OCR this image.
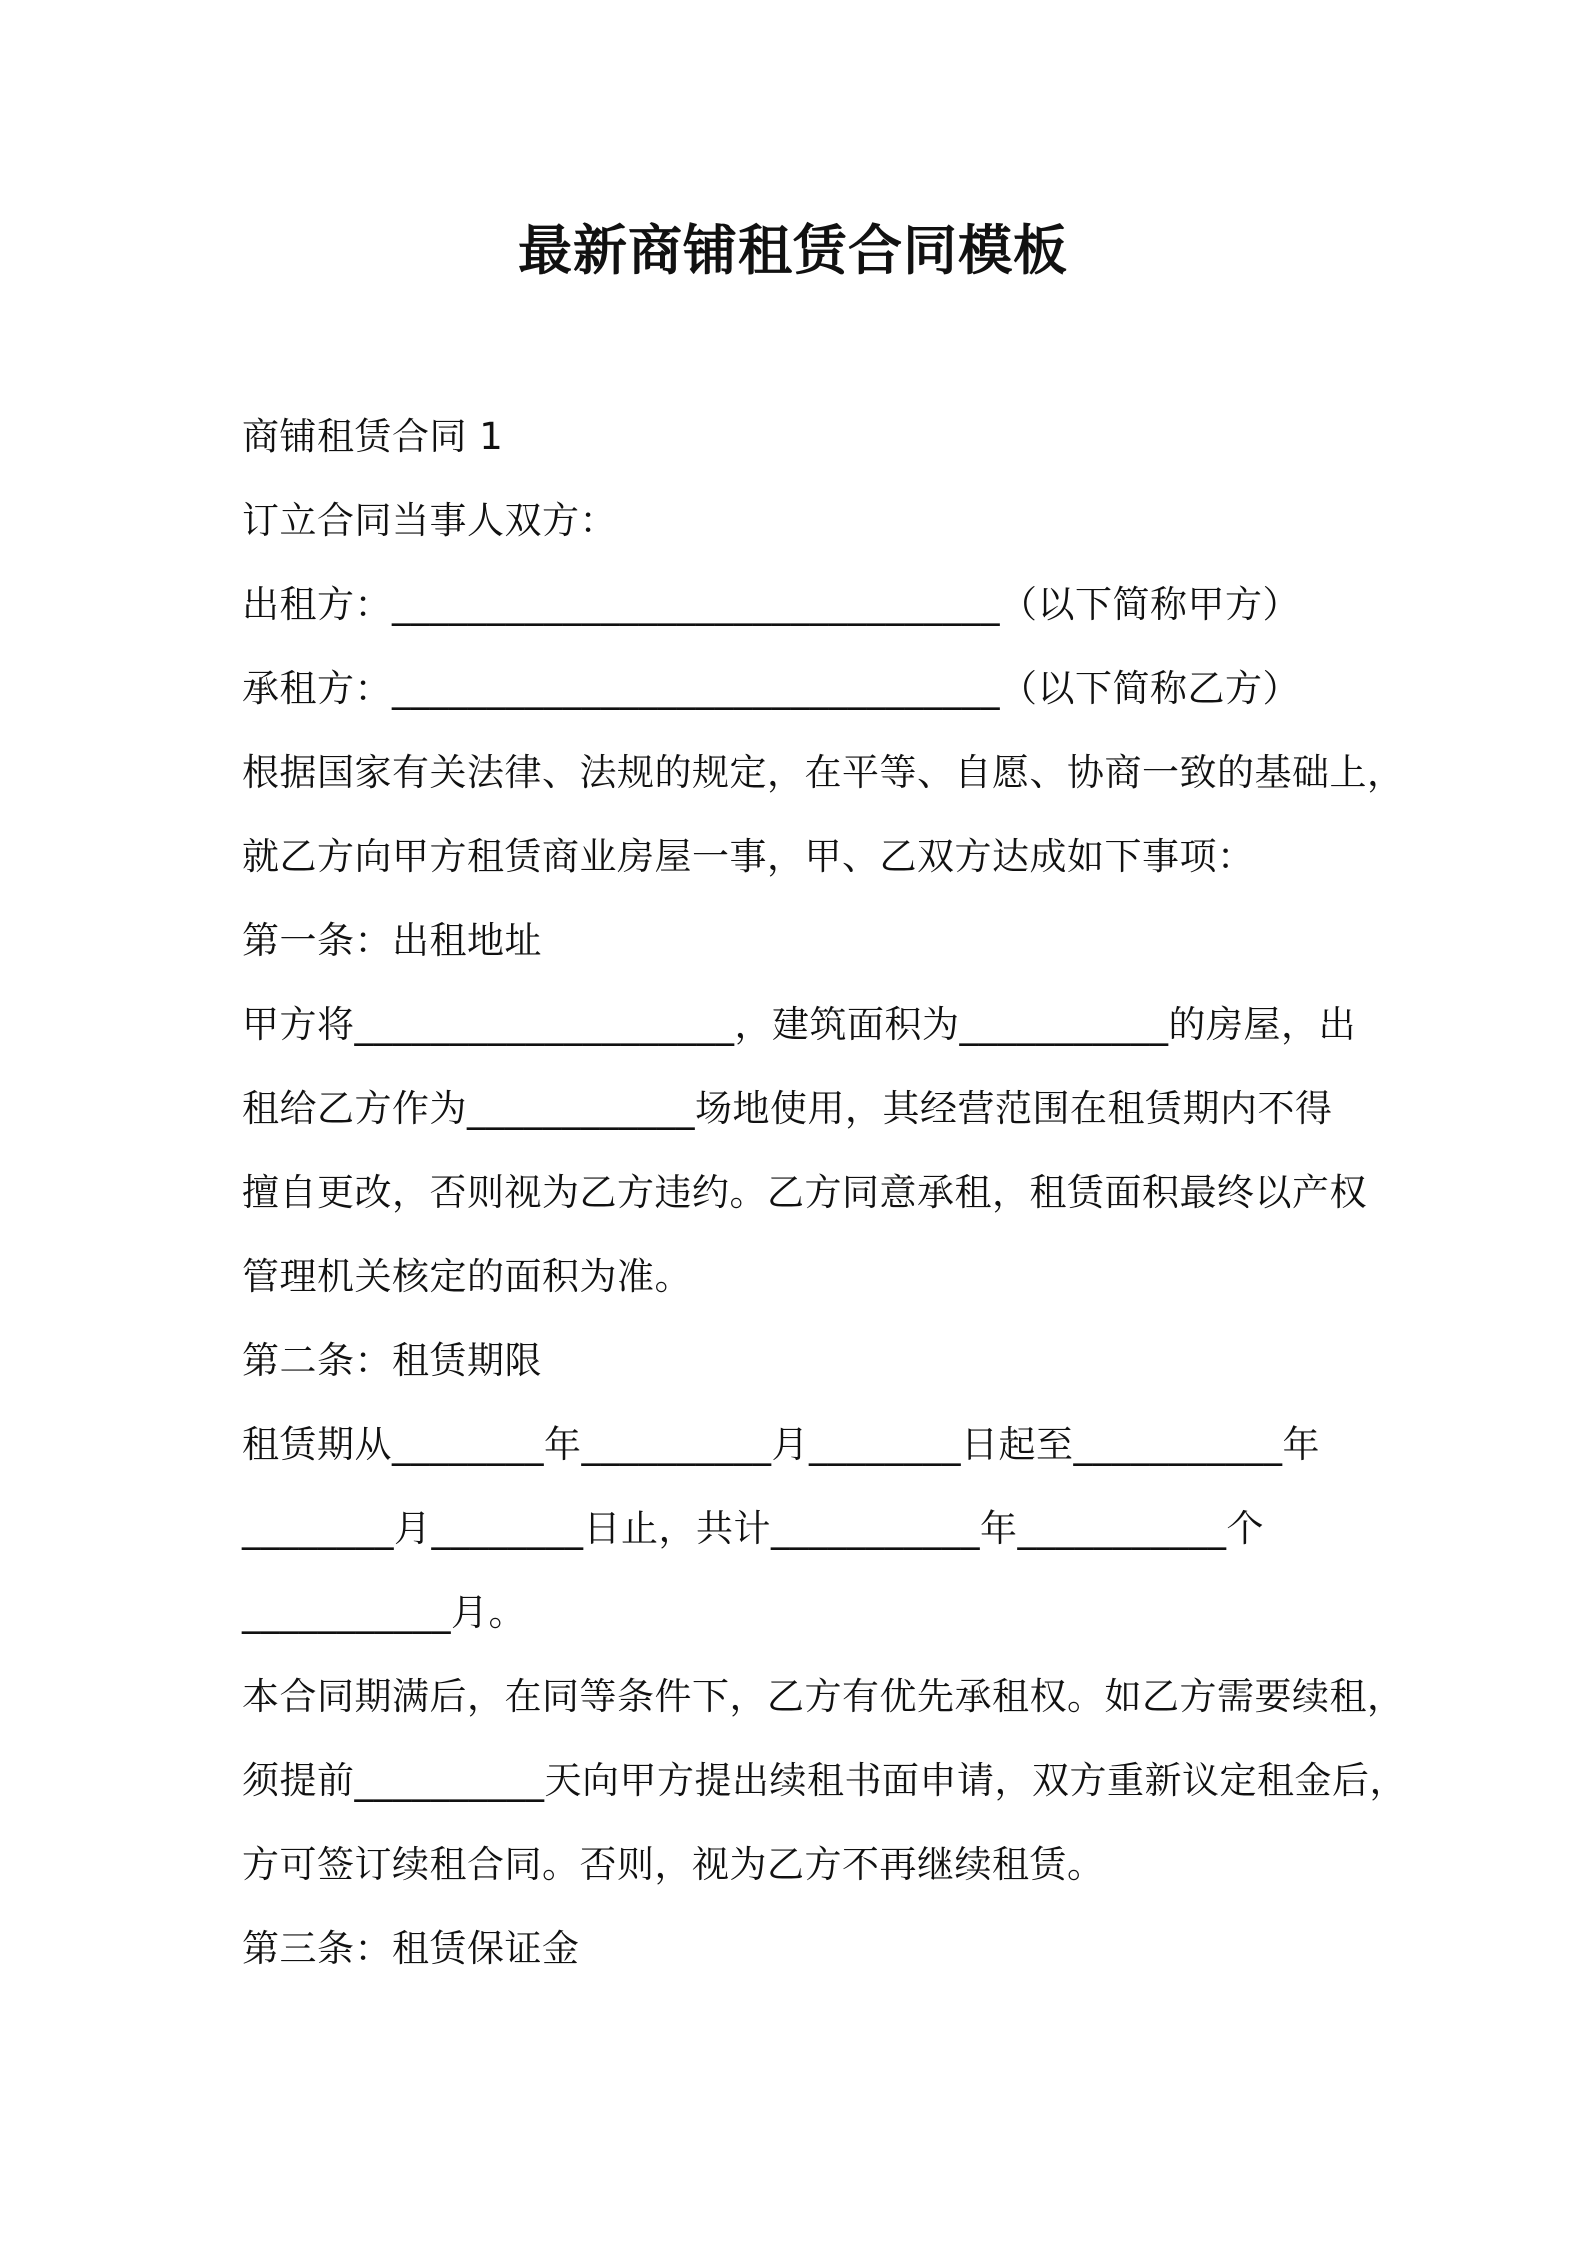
最新商铺租赁合同模板
商铺租赁合同 1
订立合同当事人双方：
出租方：________________________________（以下简称甲方）
承租方：________________________________（以下简称乙方）
根据国家有关法律、法规的规定，在平等、自愿、协商一致的基础上，
就乙方向甲方租赁商业房屋一事，甲、乙双方达成如下事项：
第一条：出租地址
甲方将____________________，建筑面积为___________的房屋，出
租给乙方作为____________场地使用，其经营范围在租赁期内不得
擅自更改，否则视为乙方违约。乙方同意承租，租赁面积最终以产权
管理机关核定的面积为准。
第二条：租赁期限
租赁期从________年__________月________日起至___________年
________月________日止，共计___________年___________个
___________月。
本合同期满后，在同等条件下，乙方有优先承租权。如乙方需要续租，
须提前__________天向甲方提出续租书面申请，双方重新议定租金后，
方可签订续租合同。否则，视为乙方不再继续租赁。
第三条：租赁保证金
